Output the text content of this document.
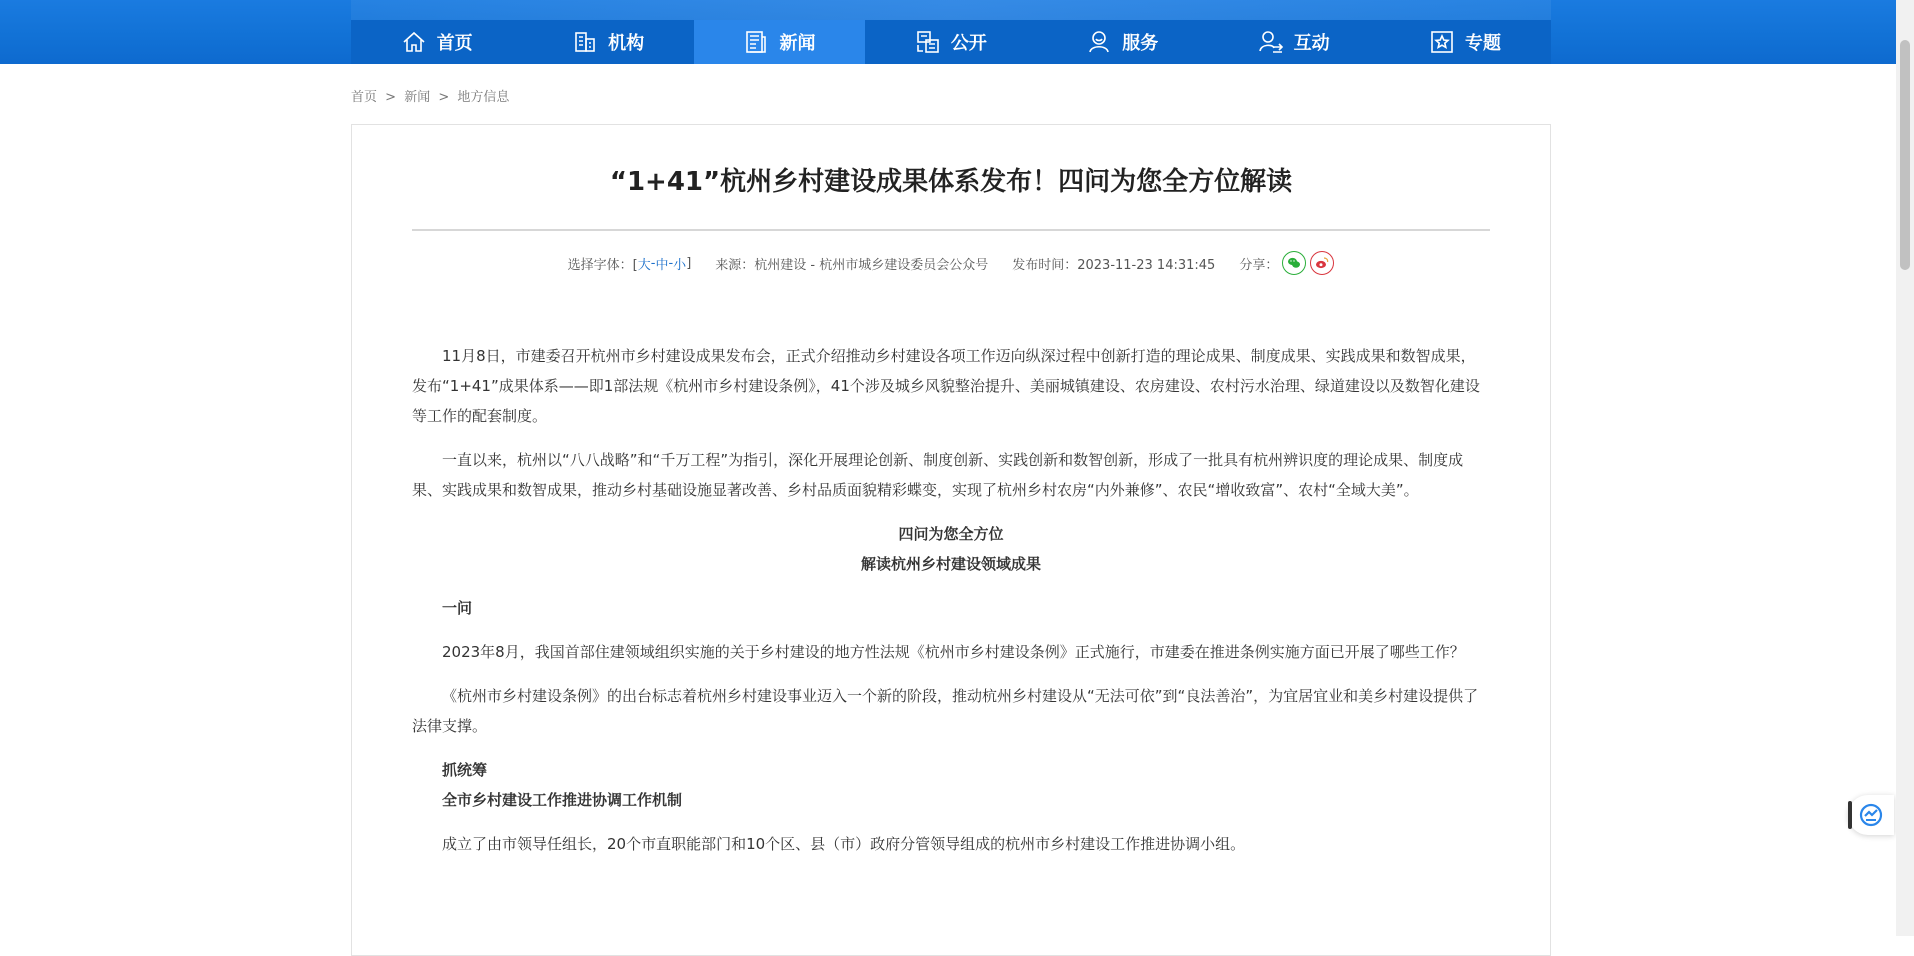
首页	机构	新闻	公开	服务	互动	专题
首页 > 新闻 > 地方信息
“1+41”杭州乡村建设成果体系发布！四问为您全方位解读
选择字体：[ 大 - 中 - 小 ] 来源：杭州建设 - 杭州市城乡建设委员会公众号 发布时间：2023-11-23 14:31:45 分享：

11月8日，市建委召开杭州市乡村建设成果发布会，正式介绍推动乡村建设各项工作迈向纵深过程中创新打造的理论成果、制度成果、实践成果和数智成果，发布“1+41”成果体系——即1部法规《杭州市乡村建设条例》，41个涉及城乡风貌整治提升、美丽城镇建设、农房建设、农村污水治理、绿道建设以及数智化建设等工作的配套制度。

一直以来，杭州以“八八战略”和“千万工程”为指引，深化开展理论创新、制度创新、实践创新和数智创新，形成了一批具有杭州辨识度的理论成果、制度成果、实践成果和数智成果，推动乡村基础设施显著改善、乡村品质面貌精彩蝶变，实现了杭州乡村农房“内外兼修”、农民“增收致富”、农村“全域大美”。

四问为您全方位

解读杭州乡村建设领域成果

一问

2023年8月，我国首部住建领域组织实施的关于乡村建设的地方性法规《杭州市乡村建设条例》正式施行，市建委在推进条例实施方面已开展了哪些工作？

《杭州市乡村建设条例》的出台标志着杭州乡村建设事业迈入一个新的阶段，推动杭州乡村建设从“无法可依”到“良法善治”，为宜居宜业和美乡村建设提供了法律支撑。

抓统筹

全市乡村建设工作推进协调工作机制

成立了由市领导任组长，20个市直职能部门和10个区、县（市）政府分管领导组成的杭州市乡村建设工作推进协调小组。
